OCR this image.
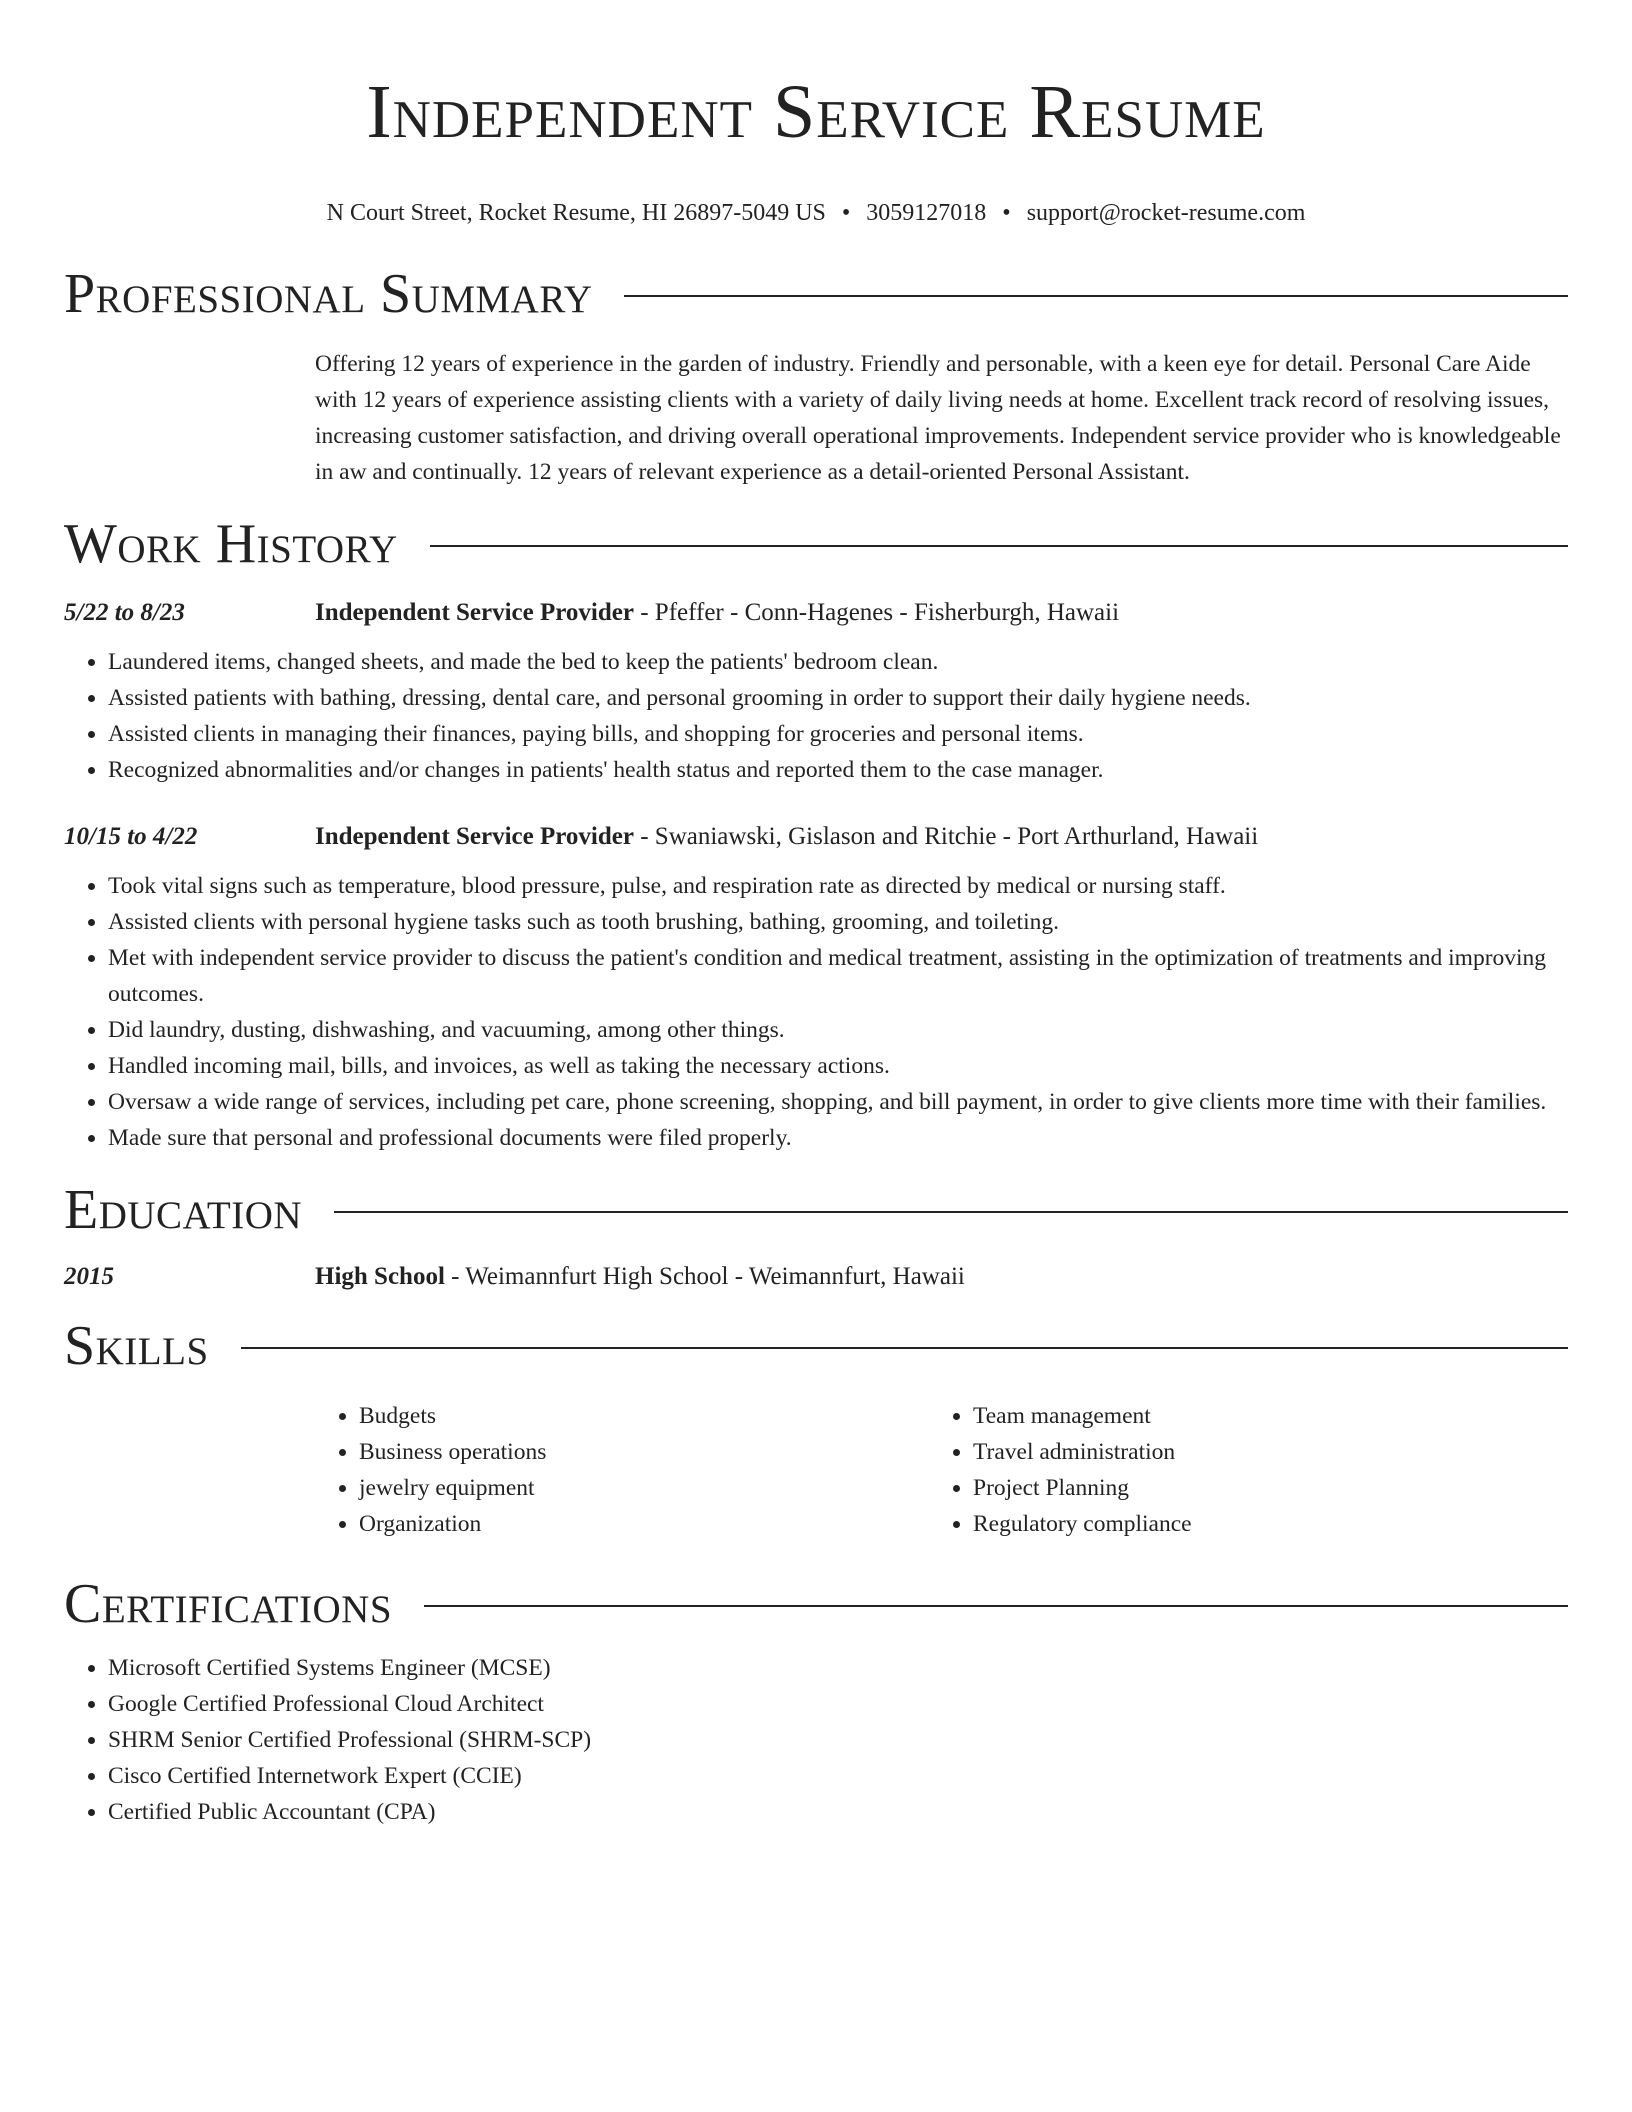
Independent Service Resume
N Court Street, Rocket Resume, HI 26897-5049 US • 3059127018 • support@rocket-resume.com
Professional Summary
Offering 12 years of experience in the garden of industry. Friendly and personable, with a keen eye for detail. Personal Care Aide with 12 years of experience assisting clients with a variety of daily living needs at home. Excellent track record of resolving issues, increasing customer satisfaction, and driving overall operational improvements. Independent service provider who is knowledgeable in aw and continually. 12 years of relevant experience as a detail-oriented Personal Assistant.
Work History
5/22 to 8/23	Independent Service Provider - Pfeffer - Conn-Hagenes - Fisherburgh, Hawaii
• Laundered items, changed sheets, and made the bed to keep the patients' bedroom clean.
• Assisted patients with bathing, dressing, dental care, and personal grooming in order to support their daily hygiene needs.
• Assisted clients in managing their finances, paying bills, and shopping for groceries and personal items.
• Recognized abnormalities and/or changes in patients' health status and reported them to the case manager.
10/15 to 4/22	Independent Service Provider - Swaniawski, Gislason and Ritchie - Port Arthurland, Hawaii
• Took vital signs such as temperature, blood pressure, pulse, and respiration rate as directed by medical or nursing staff.
• Assisted clients with personal hygiene tasks such as tooth brushing, bathing, grooming, and toileting.
• Met with independent service provider to discuss the patient's condition and medical treatment, assisting in the optimization of treatments and improving outcomes.
• Did laundry, dusting, dishwashing, and vacuuming, among other things.
• Handled incoming mail, bills, and invoices, as well as taking the necessary actions.
• Oversaw a wide range of services, including pet care, phone screening, shopping, and bill payment, in order to give clients more time with their families.
• Made sure that personal and professional documents were filed properly.
Education
2015	High School - Weimannfurt High School - Weimannfurt, Hawaii
Skills
• Budgets
• Business operations
• jewelry equipment
• Organization
• Team management
• Travel administration
• Project Planning
• Regulatory compliance
Certifications
• Microsoft Certified Systems Engineer (MCSE)
• Google Certified Professional Cloud Architect
• SHRM Senior Certified Professional (SHRM-SCP)
• Cisco Certified Internetwork Expert (CCIE)
• Certified Public Accountant (CPA)
